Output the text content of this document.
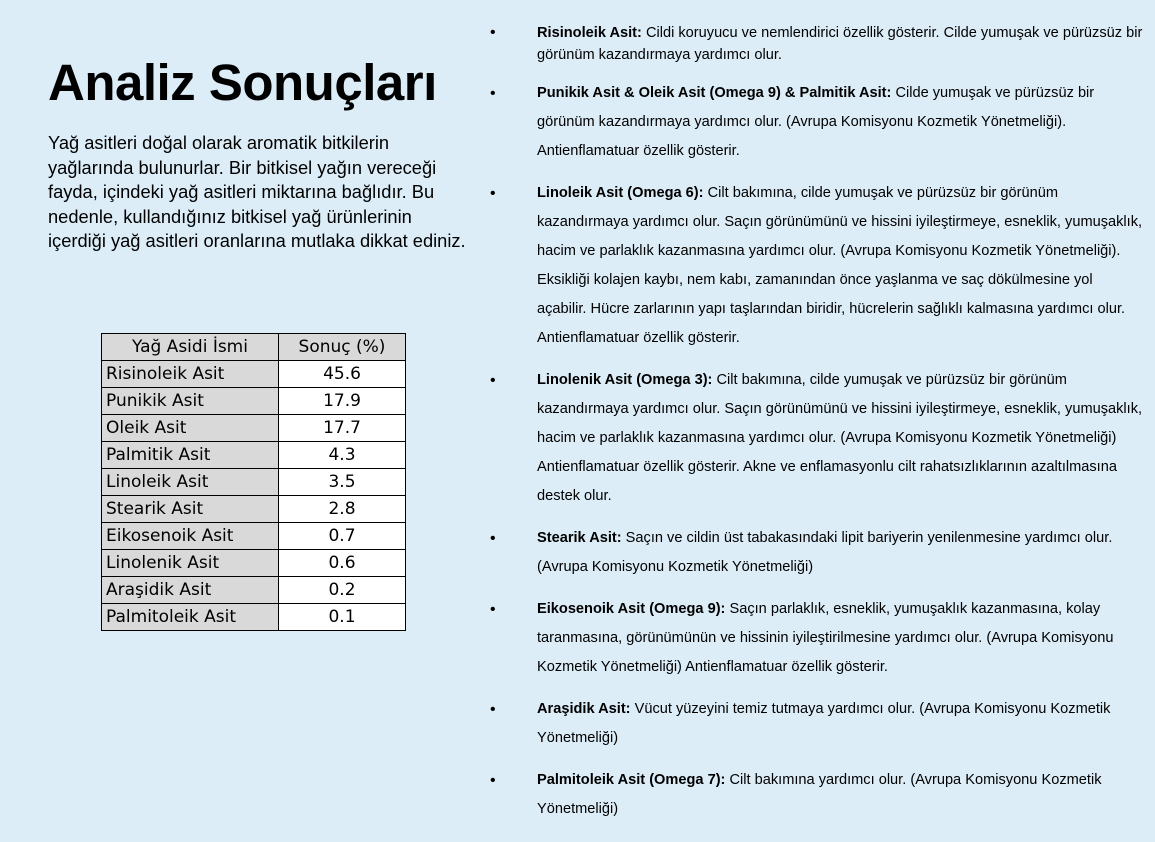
Analiz Sonuçları

Yağ asitleri doğal olarak aromatik bitkilerin yağlarında bulunurlar. Bir bitkisel yağın vereceği fayda, içindeki yağ asitleri miktarına bağlıdır. Bu nedenle, kullandığınız bitkisel yağ ürünlerinin içerdiği yağ asitleri oranlarına mutlaka dikkat ediniz.

Yağ Asidi İsmi	Sonuç (%)
Risinoleik Asit	45.6
Punikik Asit	17.9
Oleik Asit	17.7
Palmitik Asit	4.3
Linoleik Asit	3.5
Stearik Asit	2.8
Eikosenoik Asit	0.7
Linolenik Asit	0.6
Araşidik Asit	0.2
Palmitoleik Asit	0.1
•	Risinoleik Asit: Cildi koruyucu ve nemlendirici özellik gösterir. Cilde yumuşak ve pürüzsüz bir görünüm kazandırmaya yardımcı olur.
•	Punikik Asit & Oleik Asit (Omega 9) & Palmitik Asit: Cilde yumuşak ve pürüzsüz bir görünüm kazandırmaya yardımcı olur. (Avrupa Komisyonu Kozmetik Yönetmeliği). Antienflamatuar özellik gösterir.
•	Linoleik Asit (Omega 6): Cilt bakımına, cilde yumuşak ve pürüzsüz bir görünüm kazandırmaya yardımcı olur. Saçın görünümünü ve hissini iyileştirmeye, esneklik, yumuşaklık, hacim ve parlaklık kazanmasına yardımcı olur. (Avrupa Komisyonu Kozmetik Yönetmeliği). Eksikliği kolajen kaybı, nem kabı, zamanından önce yaşlanma ve saç dökülmesine yol açabilir. Hücre zarlarının yapı taşlarından biridir, hücrelerin sağlıklı kalmasına yardımcı olur. Antienflamatuar özellik gösterir.
•	Linolenik Asit (Omega 3): Cilt bakımına, cilde yumuşak ve pürüzsüz bir görünüm kazandırmaya yardımcı olur. Saçın görünümünü ve hissini iyileştirmeye, esneklik, yumuşaklık, hacim ve parlaklık kazanmasına yardımcı olur. (Avrupa Komisyonu Kozmetik Yönetmeliği) Antienflamatuar özellik gösterir. Akne ve enflamasyonlu cilt rahatsızlıklarının azaltılmasına destek olur.
•	Stearik Asit: Saçın ve cildin üst tabakasındaki lipit bariyerin yenilenmesine yardımcı olur. (Avrupa Komisyonu Kozmetik Yönetmeliği)
•	Eikosenoik Asit (Omega 9): Saçın parlaklık, esneklik, yumuşaklık kazanmasına, kolay taranmasına, görünümünün ve hissinin iyileştirilmesine yardımcı olur. (Avrupa Komisyonu Kozmetik Yönetmeliği) Antienflamatuar özellik gösterir.
•	Araşidik Asit: Vücut yüzeyini temiz tutmaya yardımcı olur. (Avrupa Komisyonu Kozmetik Yönetmeliği)
•	Palmitoleik Asit (Omega 7): Cilt bakımına yardımcı olur. (Avrupa Komisyonu Kozmetik Yönetmeliği)
